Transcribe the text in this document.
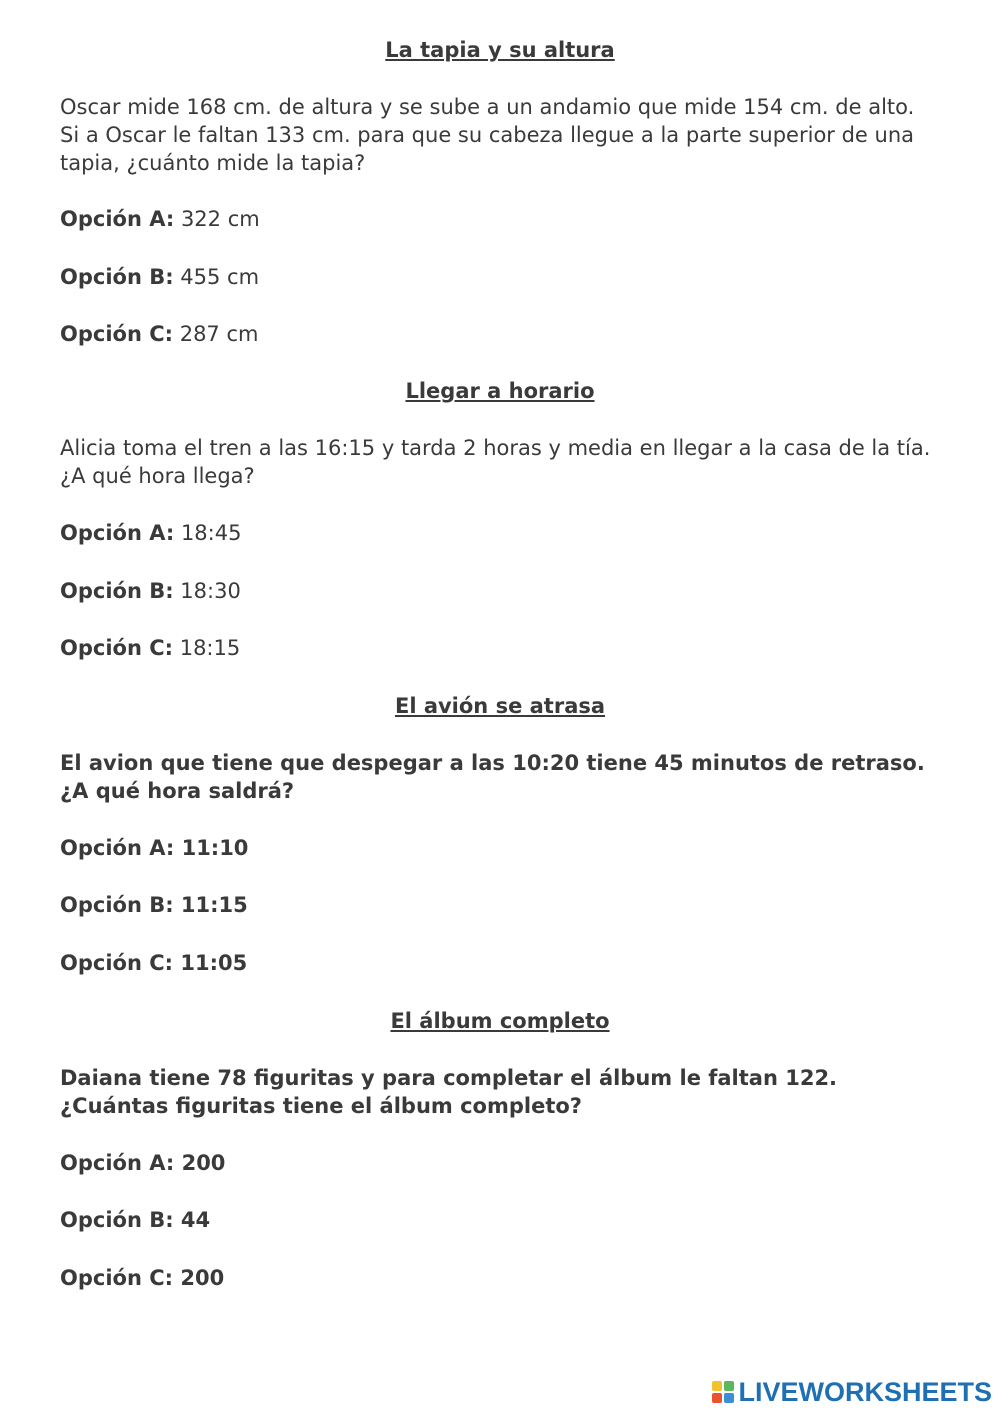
La tapia y su altura

Oscar mide 168 cm. de altura y se sube a un andamio que mide 154 cm. de alto. Si a Oscar le faltan 133 cm. para que su cabeza llegue a la parte superior de una tapia, ¿cuánto mide la tapia?

Opción A: 322 cm
Opción B: 455 cm
Opción C: 287 cm
Llegar a horario

Alicia toma el tren a las 16:15 y tarda 2 horas y media en llegar a la casa de la tía. ¿A qué hora llega?

Opción A: 18:45
Opción B: 18:30
Opción C: 18:15
El avión se atrasa

El avion que tiene que despegar a las 10:20 tiene 45 minutos de retraso. ¿A qué hora saldrá?

Opción A: 11:10
Opción B: 11:15
Opción C: 11:05
El álbum completo

Daiana tiene 78 figuritas y para completar el álbum le faltan 122. ¿Cuántas figuritas tiene el álbum completo?

Opción A: 200
Opción B: 44
Opción C: 200
LIVEWORKSHEETS
